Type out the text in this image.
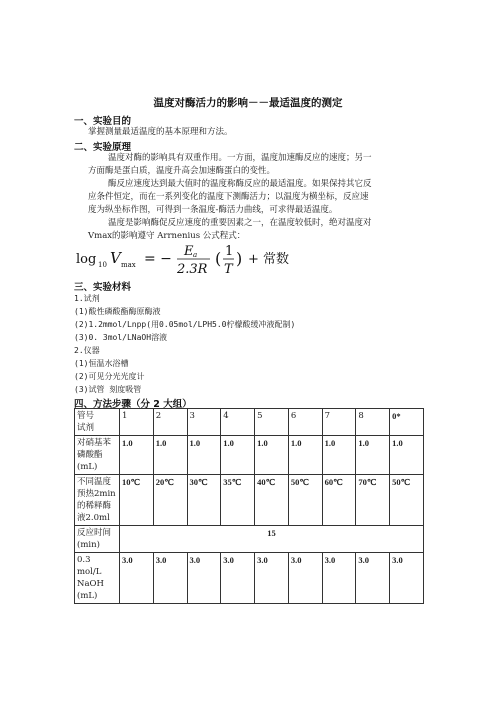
温度对酶活力的影响－－最适温度的测定
一、实验目的
掌握测量最适温度的基本原理和方法。
二、实验原理
温度对酶的影响具有双重作用。一方面，温度加速酶反应的速度；另一
方面酶是蛋白质，温度升高会加速酶蛋白的变性。
酶反应速度达到最大值时的温度称酶反应的最适温度。如果保持其它反
应条件恒定，而在一系列变化的温度下测酶活力；以温度为横坐标，反应速
度为纵坐标作图，可得到一条温度-酶活力曲线，可求得最适温度。
温度是影响酶促反应速度的重要因素之一，在温度较低时，绝对温度对
Vmax的影响遵守 Arrnenius 公式程式：
log 10 V max = − E a
2.3R
( 1
T
) + 常数
三、实验材料
1.试剂
(1)酸性磷酸酯酶原酶液
(2)1.2mmol/Lnpp(用0.05mol/LPH5.0柠檬酸缓冲液配制)
(3)0. 3mol/LNaOH溶液
2.仪器
(1)恒温水浴槽
(2)可见分光光度计
(3)试管 刻度吸管
四、方法步骤（分 2 大组）
管号
试剂	1	2	3	4	5	6	7	8	0*
对硝基苯磷酸酯(mL)	1.0	1.0	1.0	1.0	1.0	1.0	1.0	1.0	1.0
不同温度预热2min的稀释酶液2.0ml	10℃	20℃	30℃	35℃	40℃	50℃	60℃	70℃	50℃
反应时间(min)	15								
0.3 mol/L NaOH (mL)	3.0	3.0	3.0	3.0	3.0	3.0	3.0	3.0	3.0
